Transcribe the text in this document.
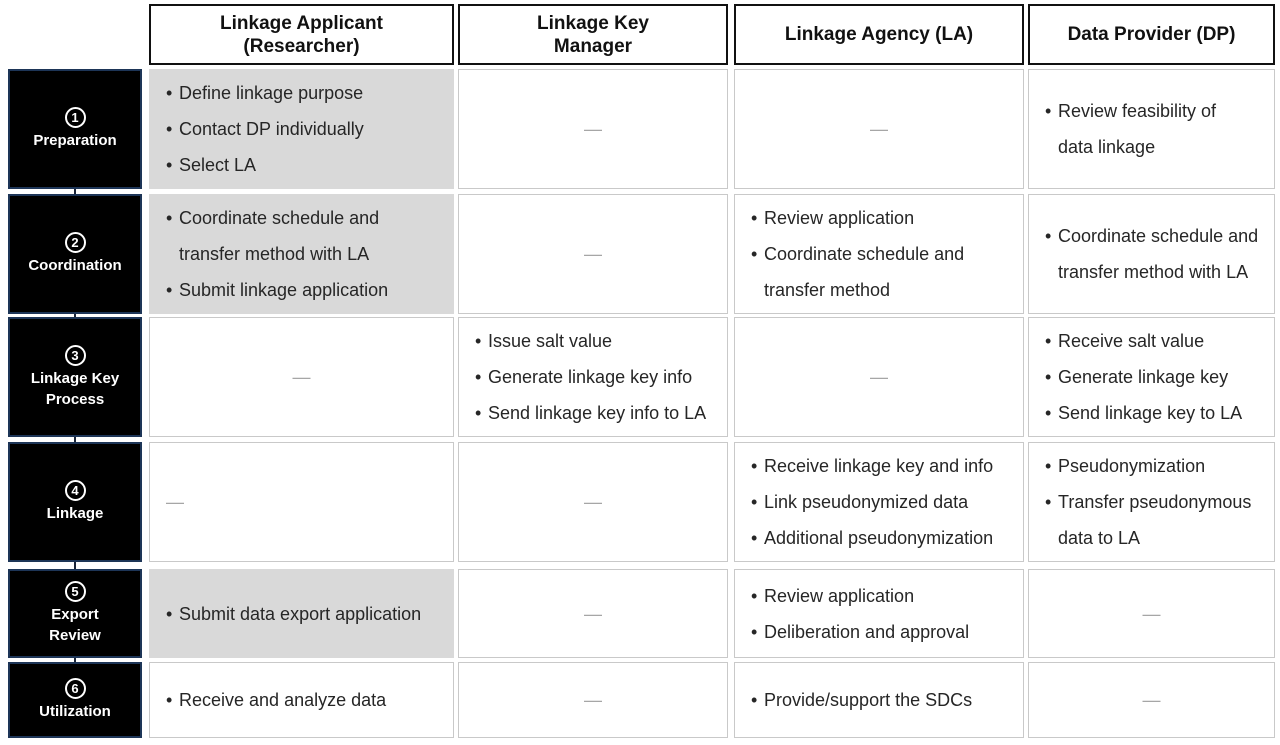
Linkage Applicant
(Researcher)
Linkage Key
Manager
Linkage Agency (LA)	Data Provider (DP)
1
Preparation
2
Coordination
3
Linkage Key
Process
4
Linkage
5
Export
Review
6
Utilization
• Define linkage purpose
• Contact DP individually
• Select LA
—	—
• Review feasibility of
data linkage
• Coordinate schedule and
transfer method with LA
• Submit linkage application
—
• Review application
• Coordinate schedule and
transfer method
• Coordinate schedule and
transfer method with LA
—
• Issue salt value
• Generate linkage key info
• Send linkage key info to LA
—
• Receive salt value
• Generate linkage key
• Send linkage key to LA
—	—
• Receive linkage key and info
• Link pseudonymized data
• Additional pseudonymization
• Pseudonymization
• Transfer pseudonymous
data to LA
• Submit data export application	—
• Review application
• Deliberation and approval
—
• Receive and analyze data	—
•	Provide/support the SDCs	—
